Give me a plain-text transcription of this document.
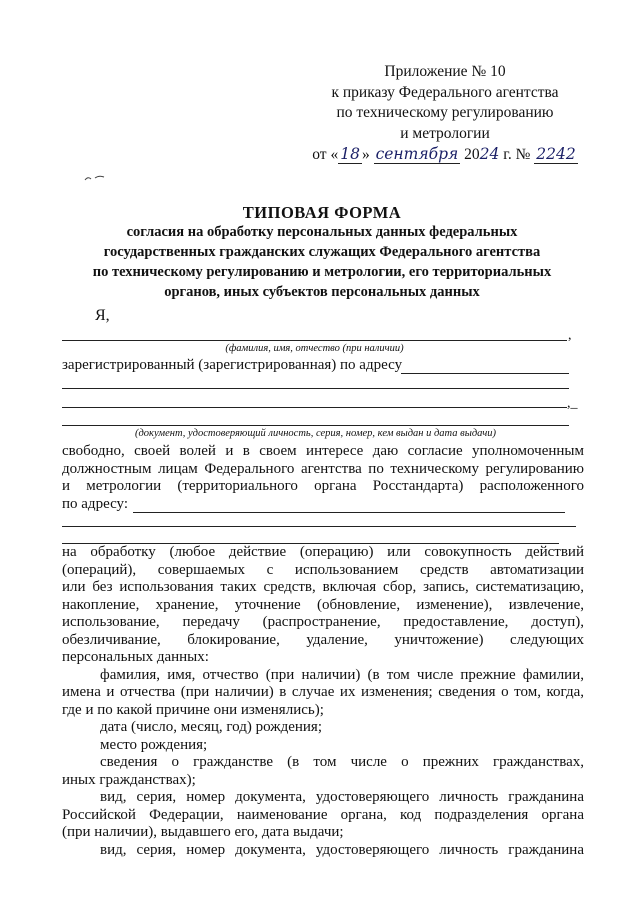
Приложение № 10
к приказу Федерального агентства
по техническому регулированию
и метрологии
от « 18 » сентября 2024 г. № 2242
ТИПОВАЯ ФОРМА
согласия на обработку персональных данных федеральных
государственных гражданских служащих Федерального агентства
по техническому регулированию и метрологии, его территориальных
органов, иных субъектов персональных данных
Я,
,
(фамилия, имя, отчество (при наличии)
зарегистрированный (зарегистрированная) по адресу
,_
(документ, удостоверяющий личность, серия, номер, кем выдан и дата выдачи)
свободно, своей волей и в своем интересе даю согласие уполномоченным
должностным лицам Федерального агентства по техническому регулированию
и метрологии (территориального органа Росстандарта) расположенного
по адресу:

на обработку (любое действие (операцию) или совокупность действий

(операций), совершаемых с использованием средств автоматизации

или без использования таких средств, включая сбор, запись, систематизацию,

накопление, хранение, уточнение (обновление, изменение), извлечение,

использование, передачу (распространение, предоставление, доступ),

обезличивание, блокирование, удаление, уничтожение) следующих

персональных данных:

фамилия, имя, отчество (при наличии) (в том числе прежние фамилии,

имена и отчества (при наличии) в случае их изменения; сведения о том, когда,

где и по какой причине они изменялись);

дата (число, месяц, год) рождения;

место рождения;

сведения о гражданстве (в том числе о прежних гражданствах,

иных гражданствах);

вид, серия, номер документа, удостоверяющего личность гражданина

Российской Федерации, наименование органа, код подразделения органа

(при наличии), выдавшего его, дата выдачи;

вид, серия, номер документа, удостоверяющего личность гражданина
